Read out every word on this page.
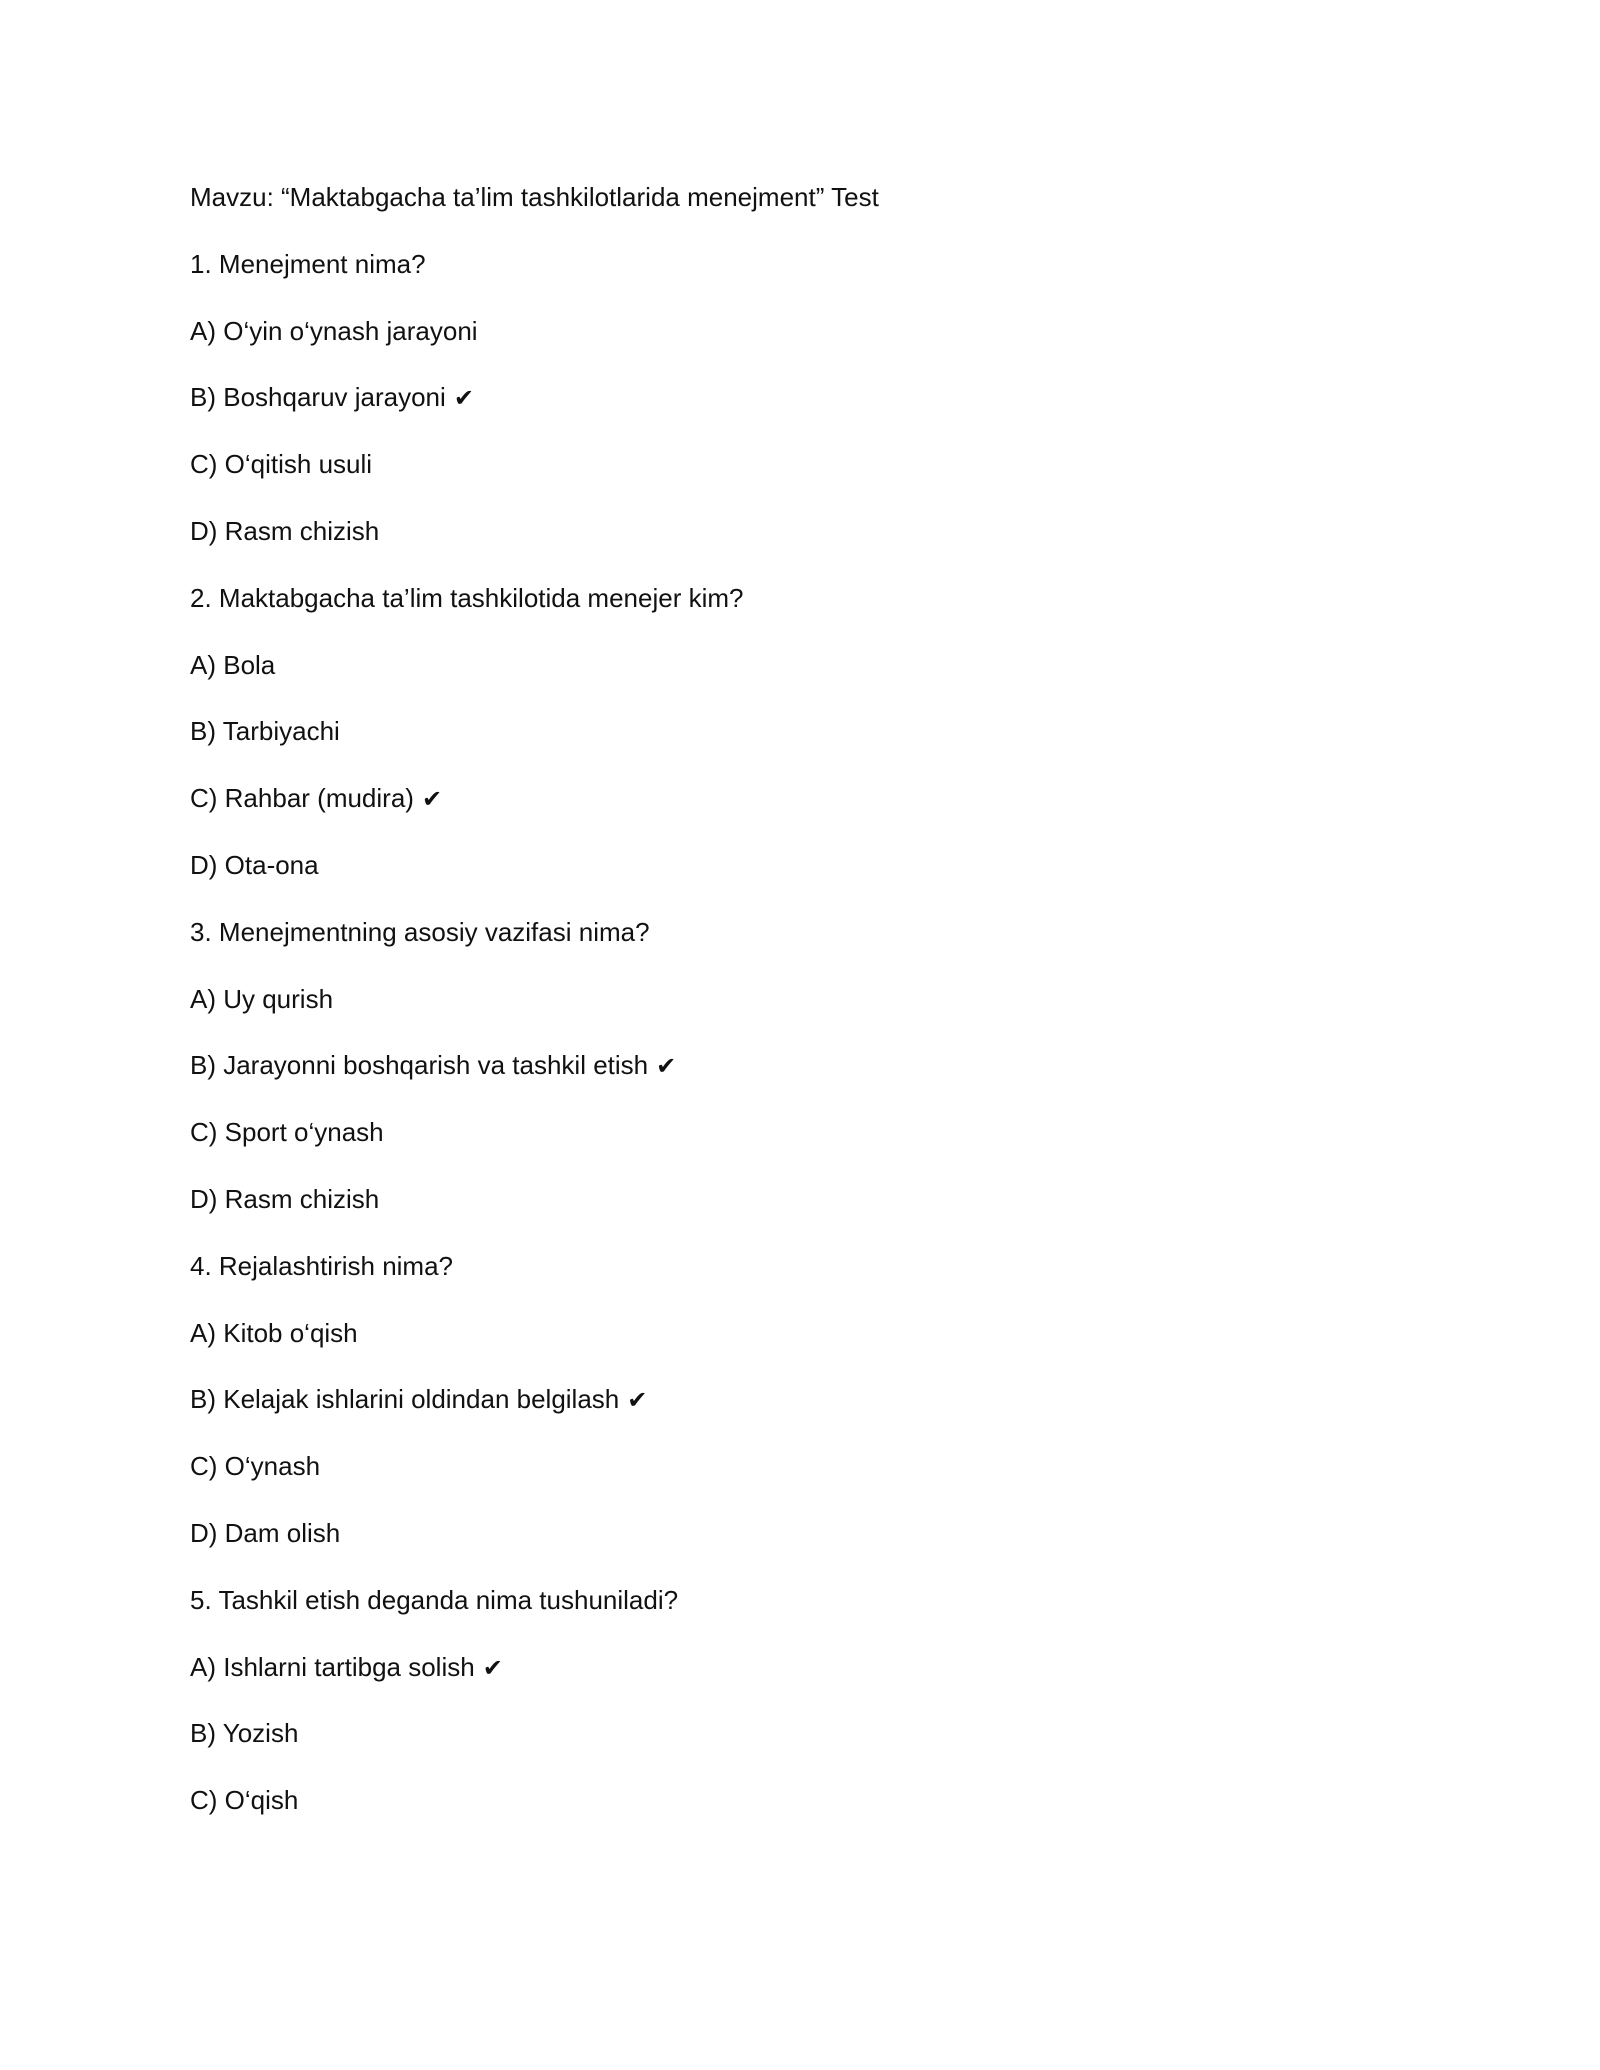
Mavzu: “Maktabgacha ta’lim tashkilotlarida menejment” Test
1. Menejment nima?
A) O‘yin o‘ynash jarayoni
B) Boshqaruv jarayoni ✔
C) O‘qitish usuli
D) Rasm chizish
2. Maktabgacha ta’lim tashkilotida menejer kim?
A) Bola
B) Tarbiyachi
C) Rahbar (mudira) ✔
D) Ota-ona
3. Menejmentning asosiy vazifasi nima?
A) Uy qurish
B) Jarayonni boshqarish va tashkil etish ✔
C) Sport o‘ynash
D) Rasm chizish
4. Rejalashtirish nima?
A) Kitob o‘qish
B) Kelajak ishlarini oldindan belgilash ✔
C) O‘ynash
D) Dam olish
5. Tashkil etish deganda nima tushuniladi?
A) Ishlarni tartibga solish ✔
B) Yozish
C) O‘qish
